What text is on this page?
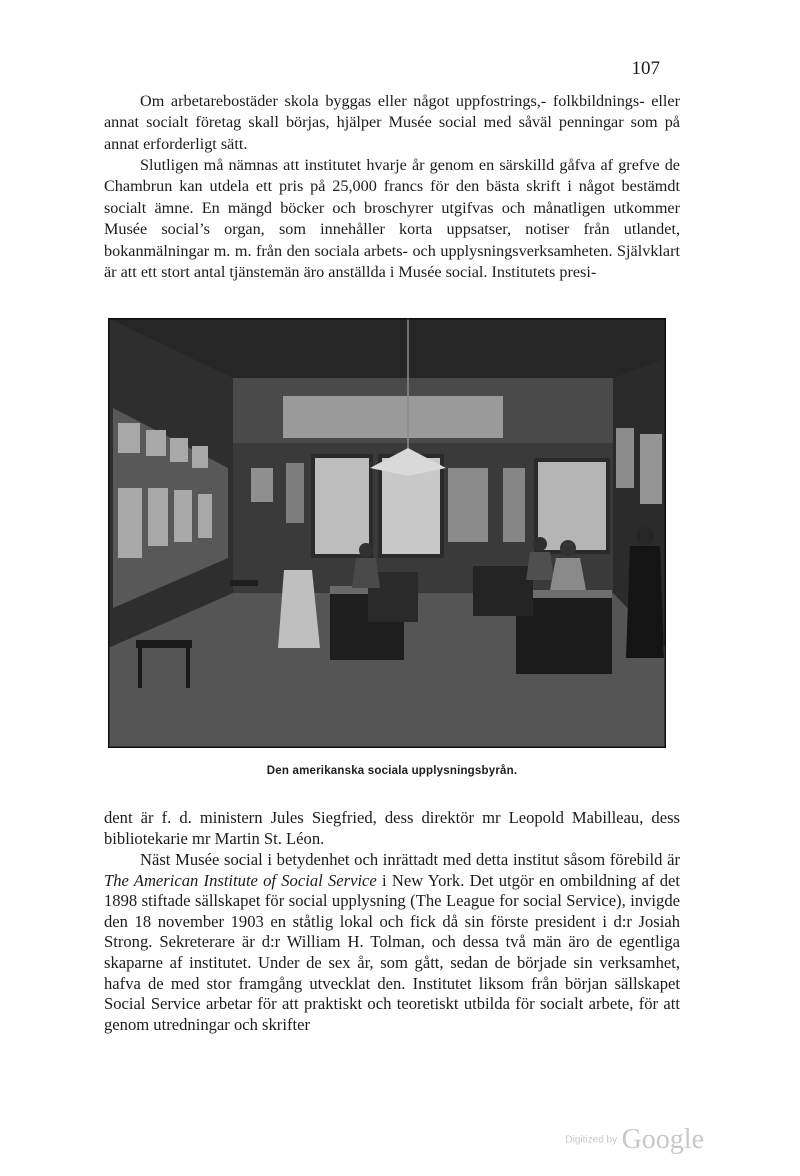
107

Om arbetarebostäder skola byggas eller något uppfostrings,- folkbildnings- eller annat socialt företag skall börjas, hjälper Musée social med såväl penningar som på annat erforderligt sätt.

Slutligen må nämnas att institutet hvarje år genom en särskilld gåfva af grefve de Chambrun kan utdela ett pris på 25,000 francs för den bästa skrift i något bestämdt socialt ämne. En mängd böcker och broschyrer utgifvas och månatligen utkommer Musée social’s organ, som innehåller korta uppsatser, notiser från utlandet, bokanmälningar m. m. från den sociala arbets- och upplysningsverksamheten. Självklart är att ett stort antal tjänstemän äro anställda i Musée social. Institutets presi-

Den amerikanska sociala upplysningsbyrån.

dent är f. d. ministern Jules Siegfried, dess direktör mr Leopold Mabilleau, dess bibliotekarie mr Martin St. Léon.

Näst Musée social i betydenhet och inrättadt med detta institut såsom förebild är The American Institute of Social Service i New York. Det utgör en ombildning af det 1898 stiftade sällskapet för social upplysning (The League for social Service), invigde den 18 november 1903 en ståtlig lokal och fick då sin förste president i d:r Josiah Strong. Sekreterare är d:r William H. Tolman, och dessa två män äro de egentliga skaparne af institutet. Under de sex år, som gått, sedan de började sin verksamhet, hafva de med stor framgång utvecklat den. Institutet liksom från början sällskapet Social Service arbetar för att praktiskt och teoretiskt utbilda för socialt arbete, för att genom utredningar och skrifter

Digitized by Google
